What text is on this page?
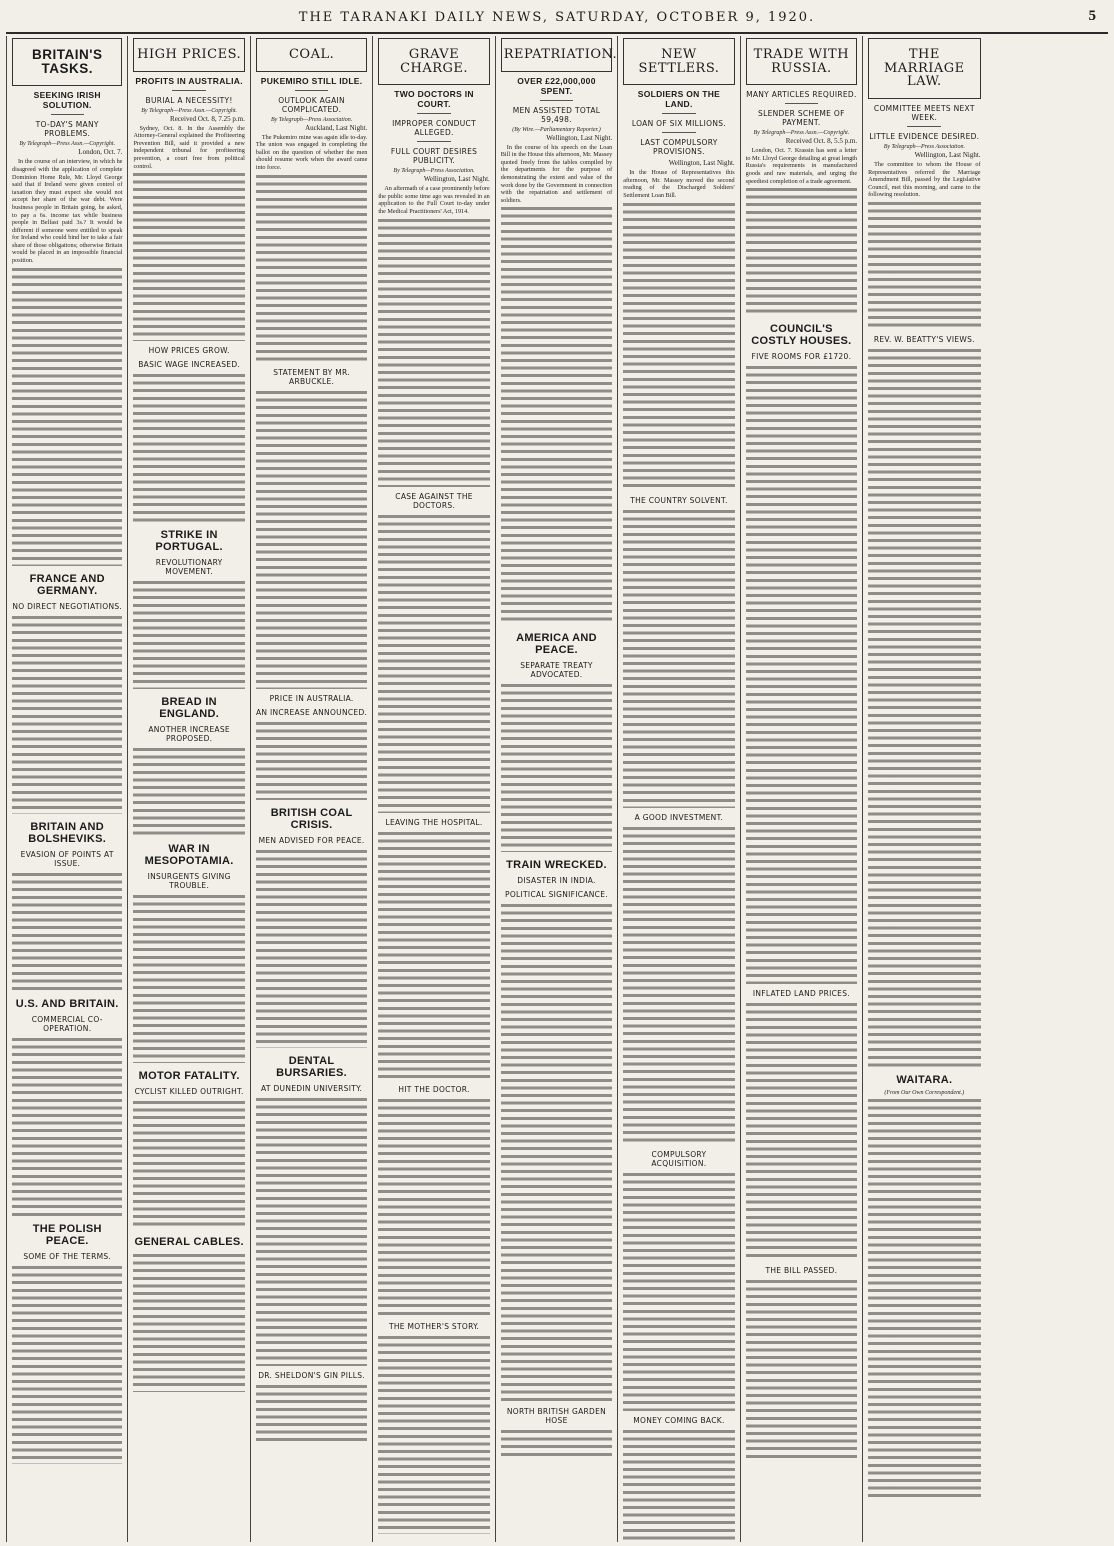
THE TARANAKI DAILY NEWS, SATURDAY, OCTOBER 9, 1920.	5
BRITAIN'S TASKS.
SEEKING IRISH SOLUTION.
TO-DAY'S MANY PROBLEMS.
By Telegraph—Press Assn.—Copyright.
London, Oct. 7.

In the course of an interview, in which he disagreed with the application of complete Dominion Home Rule, Mr. Lloyd George said that if Ireland were given control of taxation they must expect she would not accept her share of the war debt. Were business people in Britain going, he asked, to pay a 6s. income tax while business people in Belfast paid 3s.? It would be different if someone were entitled to speak for Ireland who could bind her to take a fair share of those obligations; otherwise Britain would be placed in an impossible financial position.

FRANCE AND GERMANY.
NO DIRECT NEGOTIATIONS.
BRITAIN AND BOLSHEVIKS.
EVASION OF POINTS AT ISSUE.
U.S. AND BRITAIN.
COMMERCIAL CO-OPERATION.
THE POLISH PEACE.
SOME OF THE TERMS.
HIGH PRICES.
PROFITS IN AUSTRALIA.
BURIAL A NECESSITY!
By Telegraph—Press Assn.—Copyright.
Received Oct. 8, 7.25 p.m.

Sydney, Oct. 8. In the Assembly the Attorney-General explained the Profiteering Prevention Bill, said it provided a new independent tribunal for profiteering prevention, a court free from political control.

HOW PRICES GROW.
BASIC WAGE INCREASED.
STRIKE IN PORTUGAL.
REVOLUTIONARY MOVEMENT.
BREAD IN ENGLAND.
ANOTHER INCREASE PROPOSED.
WAR IN MESOPOTAMIA.
INSURGENTS GIVING TROUBLE.
MOTOR FATALITY.
CYCLIST KILLED OUTRIGHT.
GENERAL CABLES.
COAL.
PUKEMIRO STILL IDLE.
OUTLOOK AGAIN COMPLICATED.
By Telegraph—Press Association.
Auckland, Last Night.

The Pukemiro mine was again idle to-day. The union was engaged in completing the ballot on the question of whether the men should resume work when the award came into force.

STATEMENT BY MR. ARBUCKLE.
PRICE IN AUSTRALIA.
AN INCREASE ANNOUNCED.
BRITISH COAL CRISIS.
MEN ADVISED FOR PEACE.
DENTAL BURSARIES.
AT DUNEDIN UNIVERSITY.
DR. SHELDON'S GIN PILLS.
GRAVE CHARGE.
TWO DOCTORS IN COURT.
IMPROPER CONDUCT ALLEGED.
FULL COURT DESIRES PUBLICITY.
By Telegraph—Press Association.
Wellington, Last Night.

An aftermath of a case prominently before the public some time ago was revealed in an application to the Full Court to-day under the Medical Practitioners' Act, 1914.

CASE AGAINST THE DOCTORS.
LEAVING THE HOSPITAL.
HIT THE DOCTOR.
THE MOTHER'S STORY.
REPATRIATION.
OVER £22,000,000 SPENT.
MEN ASSISTED TOTAL 59,498.
(By Wire.—Parliamentary Reporter.)
Wellington, Last Night.

In the course of his speech on the Loan Bill in the House this afternoon, Mr. Massey quoted freely from the tables compiled by the departments for the purpose of demonstrating the extent and value of the work done by the Government in connection with the repatriation and settlement of soldiers.

AMERICA AND PEACE.
SEPARATE TREATY ADVOCATED.
TRAIN WRECKED.
DISASTER IN INDIA.
POLITICAL SIGNIFICANCE.
NORTH BRITISH GARDEN HOSE
NEW SETTLERS.
SOLDIERS ON THE LAND.
LOAN OF SIX MILLIONS.
LAST COMPULSORY PROVISIONS.
Wellington, Last Night.

In the House of Representatives this afternoon, Mr. Massey moved the second reading of the Discharged Soldiers' Settlement Loan Bill.

THE COUNTRY SOLVENT.
A GOOD INVESTMENT.
COMPULSORY ACQUISITION.
MONEY COMING BACK.
TRADE WITH RUSSIA.
MANY ARTICLES REQUIRED.
SLENDER SCHEME OF PAYMENT.
By Telegraph—Press Assn.—Copyright.
Received Oct. 8, 5.5 p.m.

London, Oct. 7. Krassin has sent a letter to Mr. Lloyd George detailing at great length Russia's requirements in manufactured goods and raw materials, and urging the speediest completion of a trade agreement.

COUNCIL'S COSTLY HOUSES.
FIVE ROOMS FOR £1720.
INFLATED LAND PRICES.
THE BILL PASSED.
THE MARRIAGE LAW.
COMMITTEE MEETS NEXT WEEK.
LITTLE EVIDENCE DESIRED.
By Telegraph—Press Association.
Wellington, Last Night.

The committee to whom the House of Representatives referred the Marriage Amendment Bill, passed by the Legislative Council, met this morning, and came to the following resolution.

REV. W. BEATTY'S VIEWS.
WAITARA.
(From Our Own Correspondent.)
